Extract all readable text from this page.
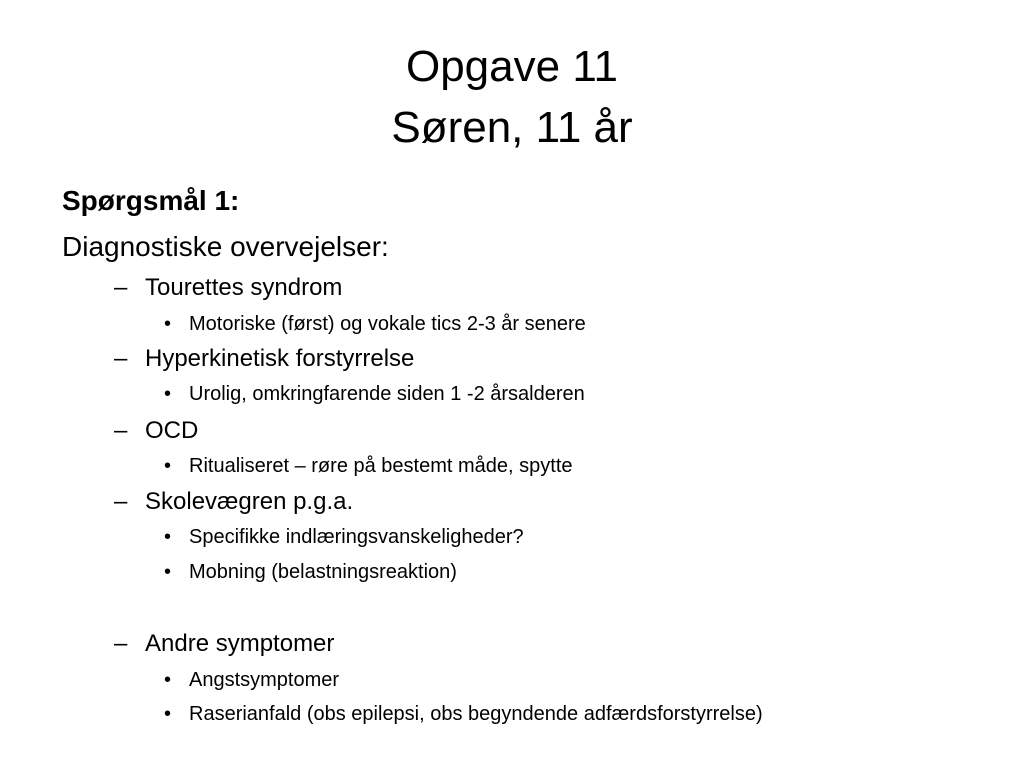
Opgave 11
Søren, 11 år
Spørgsmål 1:
Diagnostiske overvejelser:
– Tourettes syndrom
• Motoriske (først) og vokale tics 2-3 år senere
– Hyperkinetisk forstyrrelse
• Urolig, omkringfarende siden 1 -2 årsalderen
– OCD
• Ritualiseret – røre på bestemt måde, spytte
– Skolevægren p.g.a.
• Specifikke indlæringsvanskeligheder?
• Mobning (belastningsreaktion)
– Andre symptomer
• Angstsymptomer
• Raserianfald (obs epilepsi, obs begyndende adfærdsforstyrrelse)
